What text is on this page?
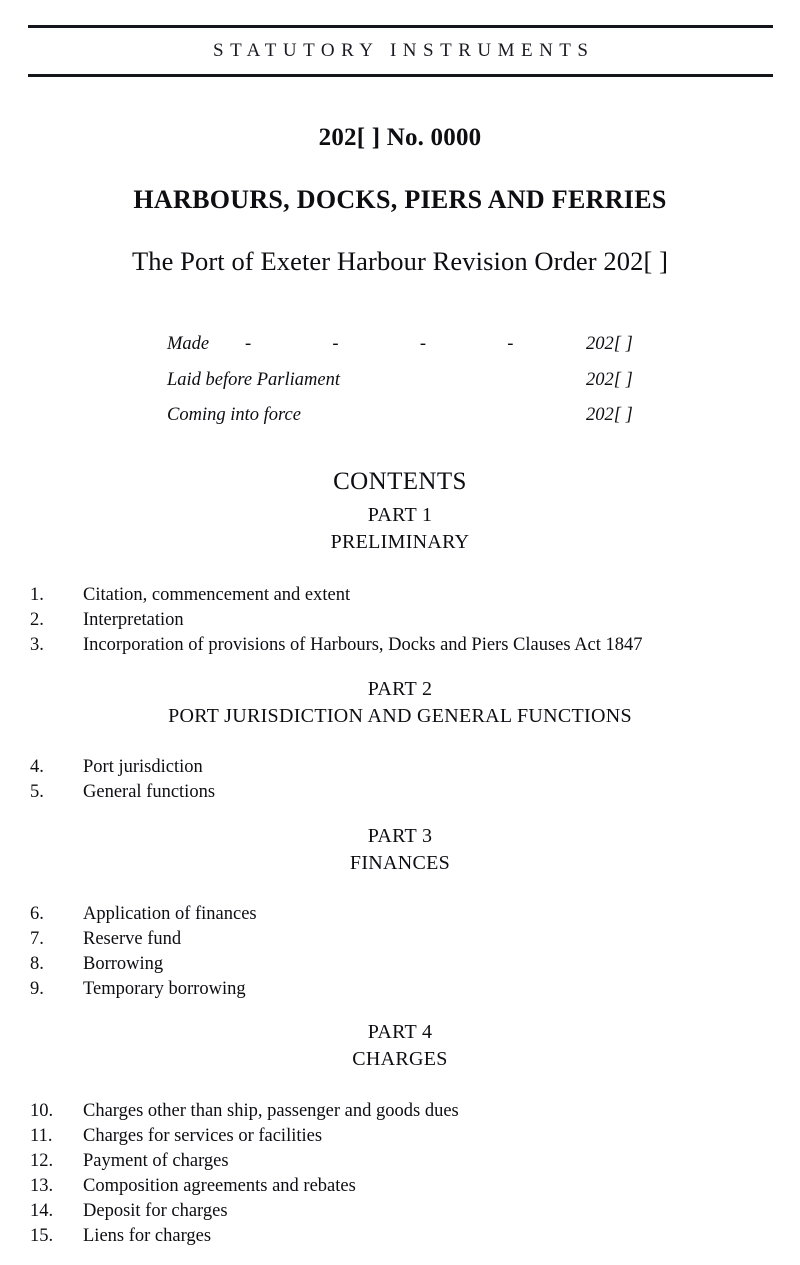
STATUTORY INSTRUMENTS
202[ ] No. 0000
HARBOURS, DOCKS, PIERS AND FERRIES
The Port of Exeter Harbour Revision Order 202[ ]
Made -  -  -  -	202[ ]
Laid before Parliament	202[ ]
Coming into force	202[ ]
CONTENTS
PART 1
PRELIMINARY
1. Citation, commencement and extent
2. Interpretation
3. Incorporation of provisions of Harbours, Docks and Piers Clauses Act 1847
PART 2
PORT JURISDICTION AND GENERAL FUNCTIONS
4. Port jurisdiction
5. General functions
PART 3
FINANCES
6. Application of finances
7. Reserve fund
8. Borrowing
9. Temporary borrowing
PART 4
CHARGES
10. Charges other than ship, passenger and goods dues
11. Charges for services or facilities
12. Payment of charges
13. Composition agreements and rebates
14. Deposit for charges
15. Liens for charges
